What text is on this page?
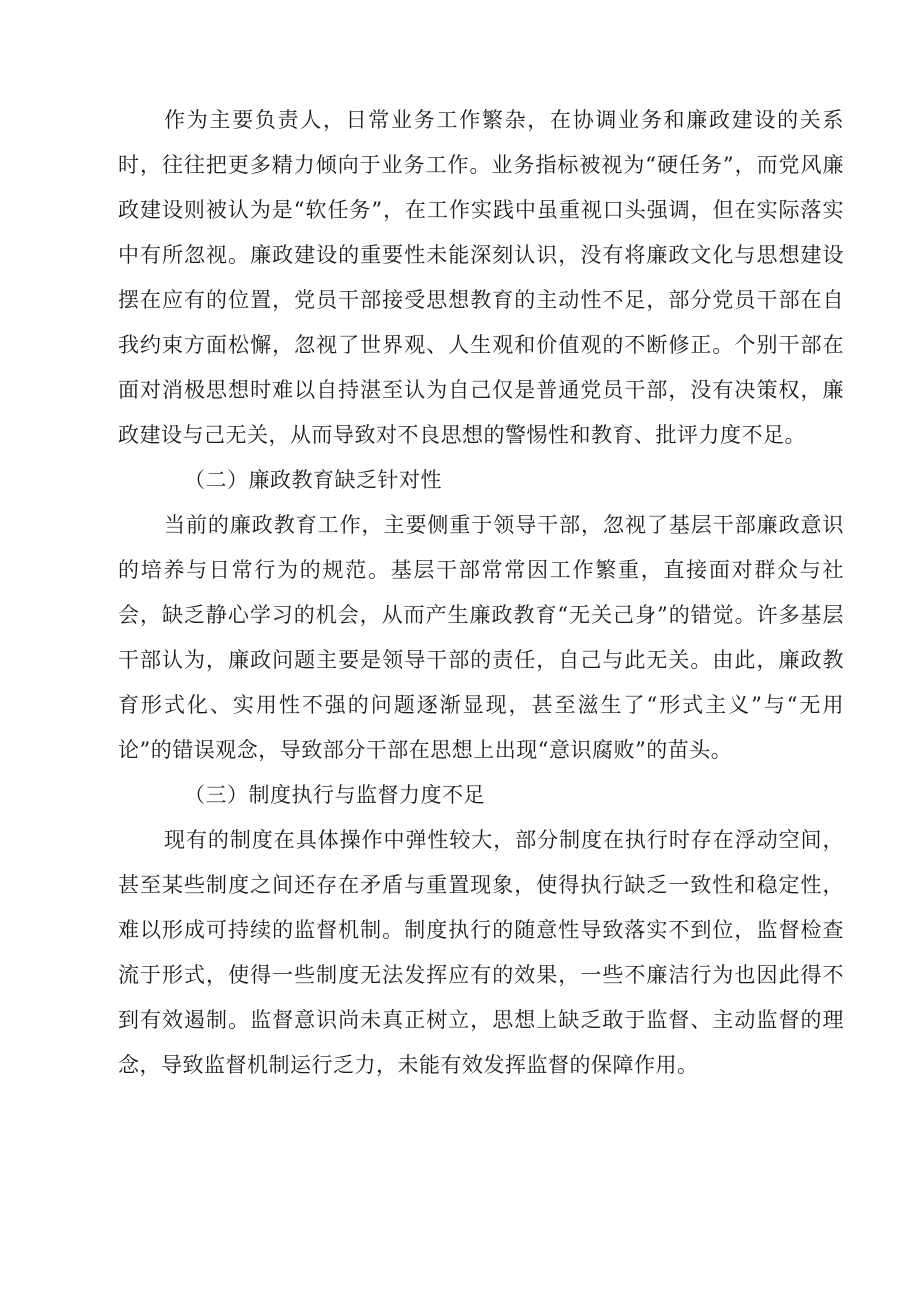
作为主要负责人，日常业务工作繁杂，在协调业务和廉政建设的关系时，往往把更多精力倾向于业务工作。业务指标被视为“硬任务”，而党风廉政建设则被认为是“软任务”，在工作实践中虽重视口头强调，但在实际落实中有所忽视。廉政建设的重要性未能深刻认识，没有将廉政文化与思想建设摆在应有的位置，党员干部接受思想教育的主动性不足，部分党员干部在自我约束方面松懈，忽视了世界观、人生观和价值观的不断修正。个别干部在面对消极思想时难以自持湛至认为自己仅是普通党员干部，没有决策权，廉政建设与己无关，从而导致对不良思想的警惕性和教育、批评力度不足。

（二）廉政教育缺乏针对性

当前的廉政教育工作，主要侧重于领导干部，忽视了基层干部廉政意识的培养与日常行为的规范。基层干部常常因工作繁重，直接面对群众与社会，缺乏静心学习的机会，从而产生廉政教育“无关己身”的错觉。许多基层干部认为，廉政问题主要是领导干部的责任，自己与此无关。由此，廉政教育形式化、实用性不强的问题逐渐显现，甚至滋生了“形式主义”与“无用论”的错误观念，导致部分干部在思想上出现“意识腐败”的苗头。

（三）制度执行与监督力度不足

现有的制度在具体操作中弹性较大，部分制度在执行时存在浮动空间，甚至某些制度之间还存在矛盾与重置现象，使得执行缺乏一致性和稳定性，难以形成可持续的监督机制。制度执行的随意性导致落实不到位，监督检查流于形式，使得一些制度无法发挥应有的效果，一些不廉洁行为也因此得不到有效遏制。监督意识尚未真正树立，思想上缺乏敢于监督、主动监督的理念，导致监督机制运行乏力，未能有效发挥监督的保障作用。
